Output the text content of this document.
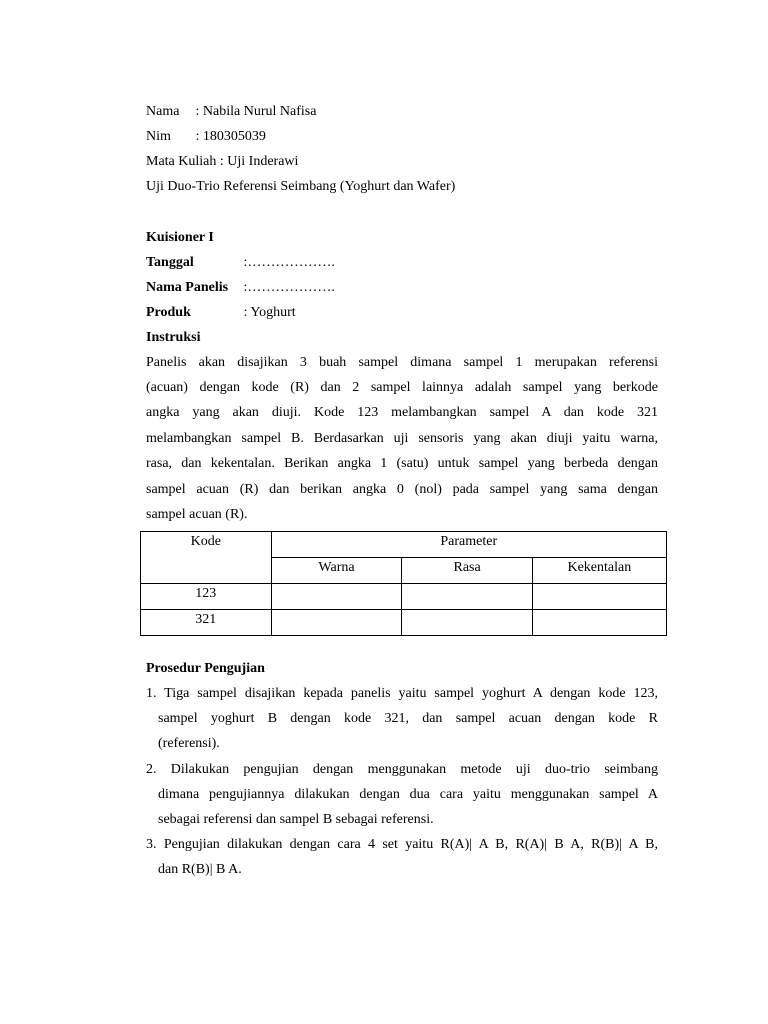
Nama : Nabila Nurul Nafisa
Nim : 180305039
Mata Kuliah : Uji Inderawi
Uji Duo-Trio Referensi Seimbang (Yoghurt dan Wafer)
Kuisioner I
Tanggal	:……………….
Nama Panelis :……………….
Produk	: Yoghurt
Instruksi
Panelis akan disajikan 3 buah sampel dimana sampel 1 merupakan referensi
(acuan) dengan kode (R) dan 2 sampel lainnya adalah sampel yang berkode
angka yang akan diuji. Kode 123 melambangkan sampel A dan kode 321
melambangkan sampel B. Berdasarkan uji sensoris yang akan diuji yaitu warna,
rasa, dan kekentalan. Berikan angka 1 (satu) untuk sampel yang berbeda dengan
sampel acuan (R) dan berikan angka 0 (nol) pada sampel yang sama dengan
sampel acuan (R).
Kode	Parameter		
	Warna	Rasa	Kekentalan
123			
321			
Prosedur Pengujian
1. Tiga sampel disajikan kepada panelis yaitu sampel yoghurt A dengan kode 123,
sampel yoghurt B dengan kode 321, dan sampel acuan dengan kode R
(referensi).
2. Dilakukan pengujian dengan menggunakan metode uji duo-trio seimbang
dimana pengujiannya dilakukan dengan dua cara yaitu menggunakan sampel A
sebagai referensi dan sampel B sebagai referensi.
3. Pengujian dilakukan dengan cara 4 set yaitu R(A)| A B, R(A)| B A, R(B)| A B,
dan R(B)| B A.
